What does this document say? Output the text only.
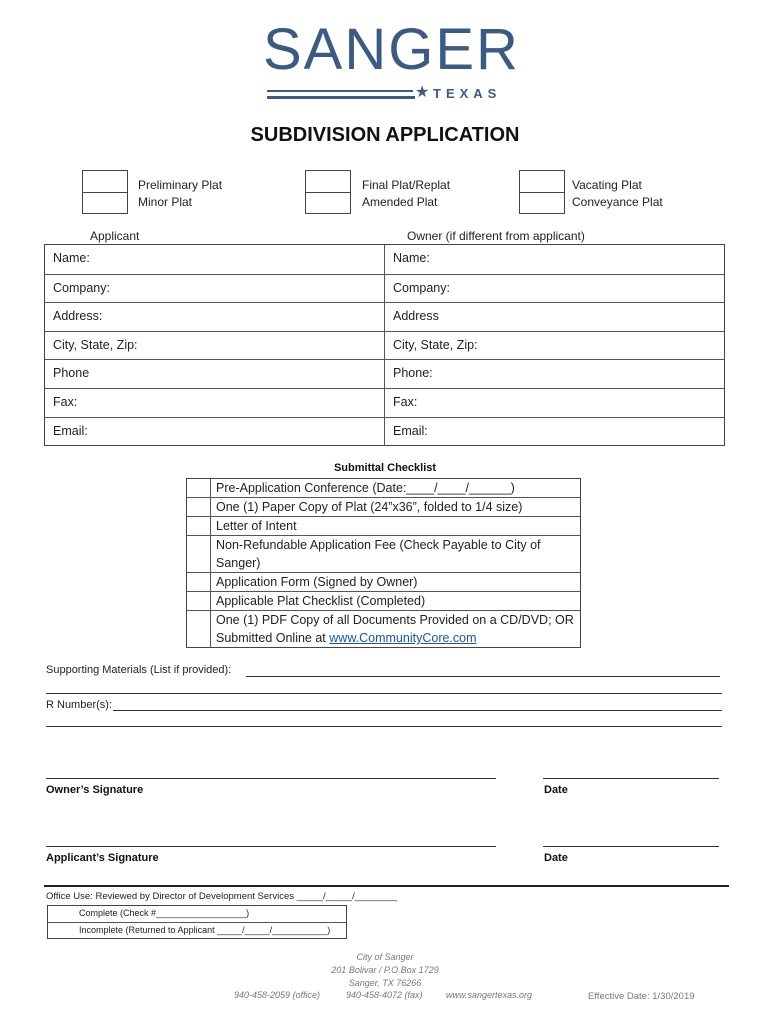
SANGER
★ TEXAS
SUBDIVISION APPLICATION
Preliminary Plat
Minor Plat
Final Plat/Replat
Amended Plat
Vacating Plat
Conveyance Plat
Applicant	Owner (if different from applicant)
Name:	Name:
Company:	Company:
Address:	Address
City, State, Zip:	City, State, Zip:
Phone	Phone:
Fax:	Fax:
Email:	Email:
Submittal Checklist
Pre-Application Conference (Date:____/____/______)
One (1) Paper Copy of Plat (24”x36”, folded to 1/4 size)
Letter of Intent
Non-Refundable Application Fee (Check Payable to City of Sanger)
Application Form (Signed by Owner)
Applicable Plat Checklist (Completed)
One (1) PDF Copy of all Documents Provided on a CD/DVD; OR Submitted Online at www.CommunityCore.com
Supporting Materials (List if provided):
R Number(s):
Owner’s Signature	Date
Applicant’s Signature	Date
Office Use: Reviewed by Director of Development Services _____/_____/________
Complete (Check #__________________)
Incomplete (Returned to Applicant _____/_____/___________)
City of Sanger
201 Bolivar / P.O Box 1729
Sanger, TX 76266
940-458-2059 (office)	940-458-4072 (fax)	www.sangertexas.org	Effective Date: 1/30/2019
